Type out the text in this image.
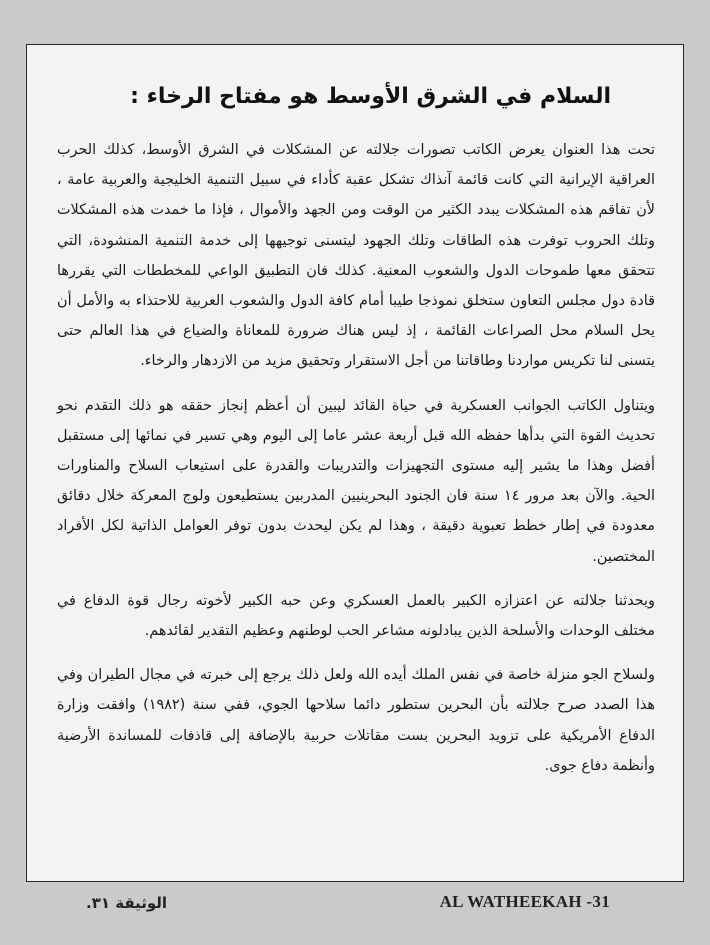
السلام في الشرق الأوسط هو مفتاح الرخاء :

تحت هذا العنوان يعرض الكاتب تصورات جلالته عن المشكلات في الشرق الأوسط، كذلك الحرب العراقية الإيرانية التي كانت قائمة آنذاك تشكل عقبة كأداء في سبيل التنمية الخليجية والعربية عامة ، لأن تفاقم هذه المشكلات يبدد الكثير من الوقت ومن الجهد والأموال ، فإذا ما خمدت هذه المشكلات وتلك الحروب توفرت هذه الطاقات وتلك الجهود ليتسنى توجيهها إلى خدمة التنمية المنشودة، التي تتحقق معها طموحات الدول والشعوب المعنية. كذلك فان التطبيق الواعي للمخططات التي يقررها قادة دول مجلس التعاون ستخلق نموذجا طيبا أمام كافة الدول والشعوب العربية للاحتذاء به والأمل أن يحل السلام محل الصراعات القائمة ، إذ ليس هناك ضرورة للمعاناة والضياع في هذا العالم حتى يتسنى لنا تكريس مواردنا وطاقاتنا من أجل الاستقرار وتحقيق مزيد من الازدهار والرخاء.

ويتناول الكاتب الجوانب العسكرية في حياة القائد ليبين أن أعظم إنجاز حققه هو ذلك التقدم نحو تحديث القوة التي بدأها حفظه الله قبل أربعة عشر عاما إلى اليوم وهي تسير في نمائها إلى مستقبل أفضل وهذا ما يشير إليه مستوى التجهيزات والتدريبات والقدرة على استيعاب السلاح والمناورات الحية. والآن بعد مرور ١٤ سنة فان الجنود البحرينيين المدربين يستطيعون ولوج المعركة خلال دقائق معدودة في إطار خطط تعبوية دقيقة ، وهذا لم يكن ليحدث بدون توفر العوامل الذاتية لكل الأفراد المختصين.

ويحدثنا جلالته عن اعتزازه الكبير بالعمل العسكري وعن حبه الكبير لأخوته رجال قوة الدفاع في مختلف الوحدات والأسلحة الذين يبادلونه مشاعر الحب لوطنهم وعظيم التقدير لقائدهم.

ولسلاح الجو منزلة خاصة في نفس الملك أيده الله ولعل ذلك يرجع إلى خبرته في مجال الطيران وفي هذا الصدد صرح جلالته بأن البحرين ستطور دائما سلاحها الجوي، ففي سنة (١٩٨٢) وافقت وزارة الدفاع الأمريكية على تزويد البحرين بست مقاتلات حربية بالإضافة إلى قاذفات للمساندة الأرضية وأنظمة دفاع جوى.

الوثيقة ٣١.	AL WATHEEKAH -31
